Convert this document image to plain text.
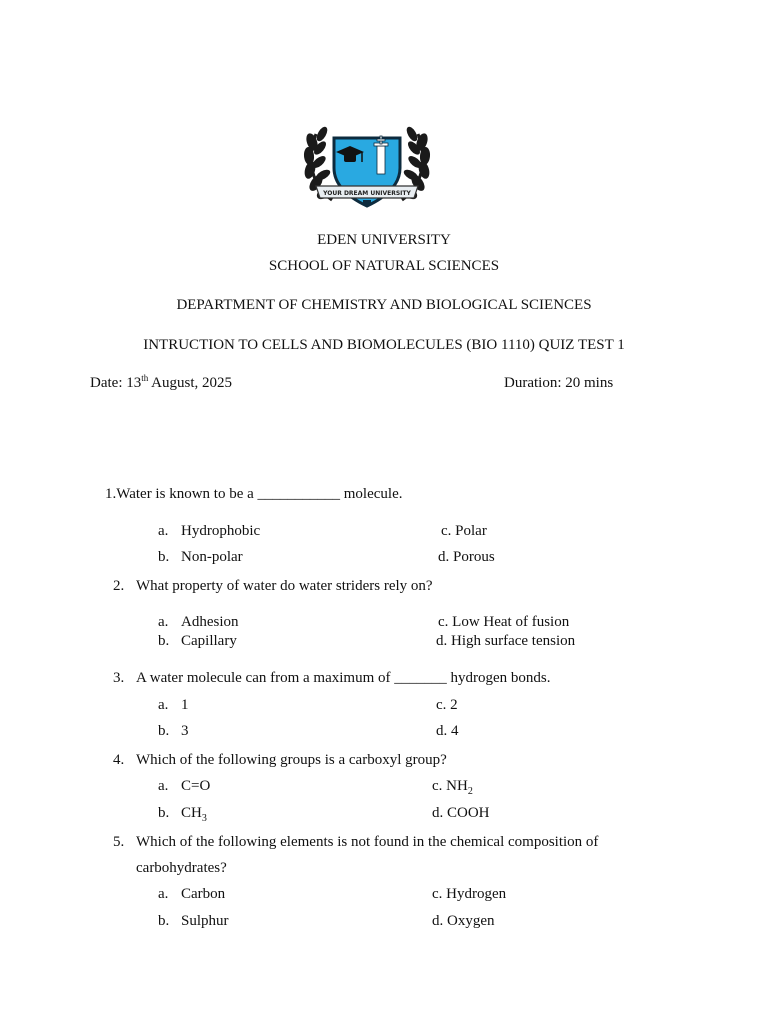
YOUR DREAM UNIVERSITY
EDEN UNIVERSITY
SCHOOL OF NATURAL SCIENCES
DEPARTMENT OF CHEMISTRY AND BIOLOGICAL SCIENCES
INTRUCTION TO CELLS AND BIOMOLECULES (BIO 1110) QUIZ TEST 1
Date: 13th August, 2025	Duration: 20 mins
1.Water is known to be a ___________ molecule.
a. Hydrophobic	c. Polar
b. Non-polar	d. Porous
2. What property of water do water striders rely on?
a. Adhesion	c. Low Heat of fusion
b. Capillary	d. High surface tension
3. A water molecule can from a maximum of _______ hydrogen bonds.
a. 1	c. 2
b. 3	d. 4
4. Which of the following groups is a carboxyl group?
a. C=O	c. $NH_2$
b. $CH_3$	d. COOH
5. Which of the following elements is not found in the chemical composition of
carbohydrates?
a. Carbon	c. Hydrogen
b. Sulphur	d. Oxygen
